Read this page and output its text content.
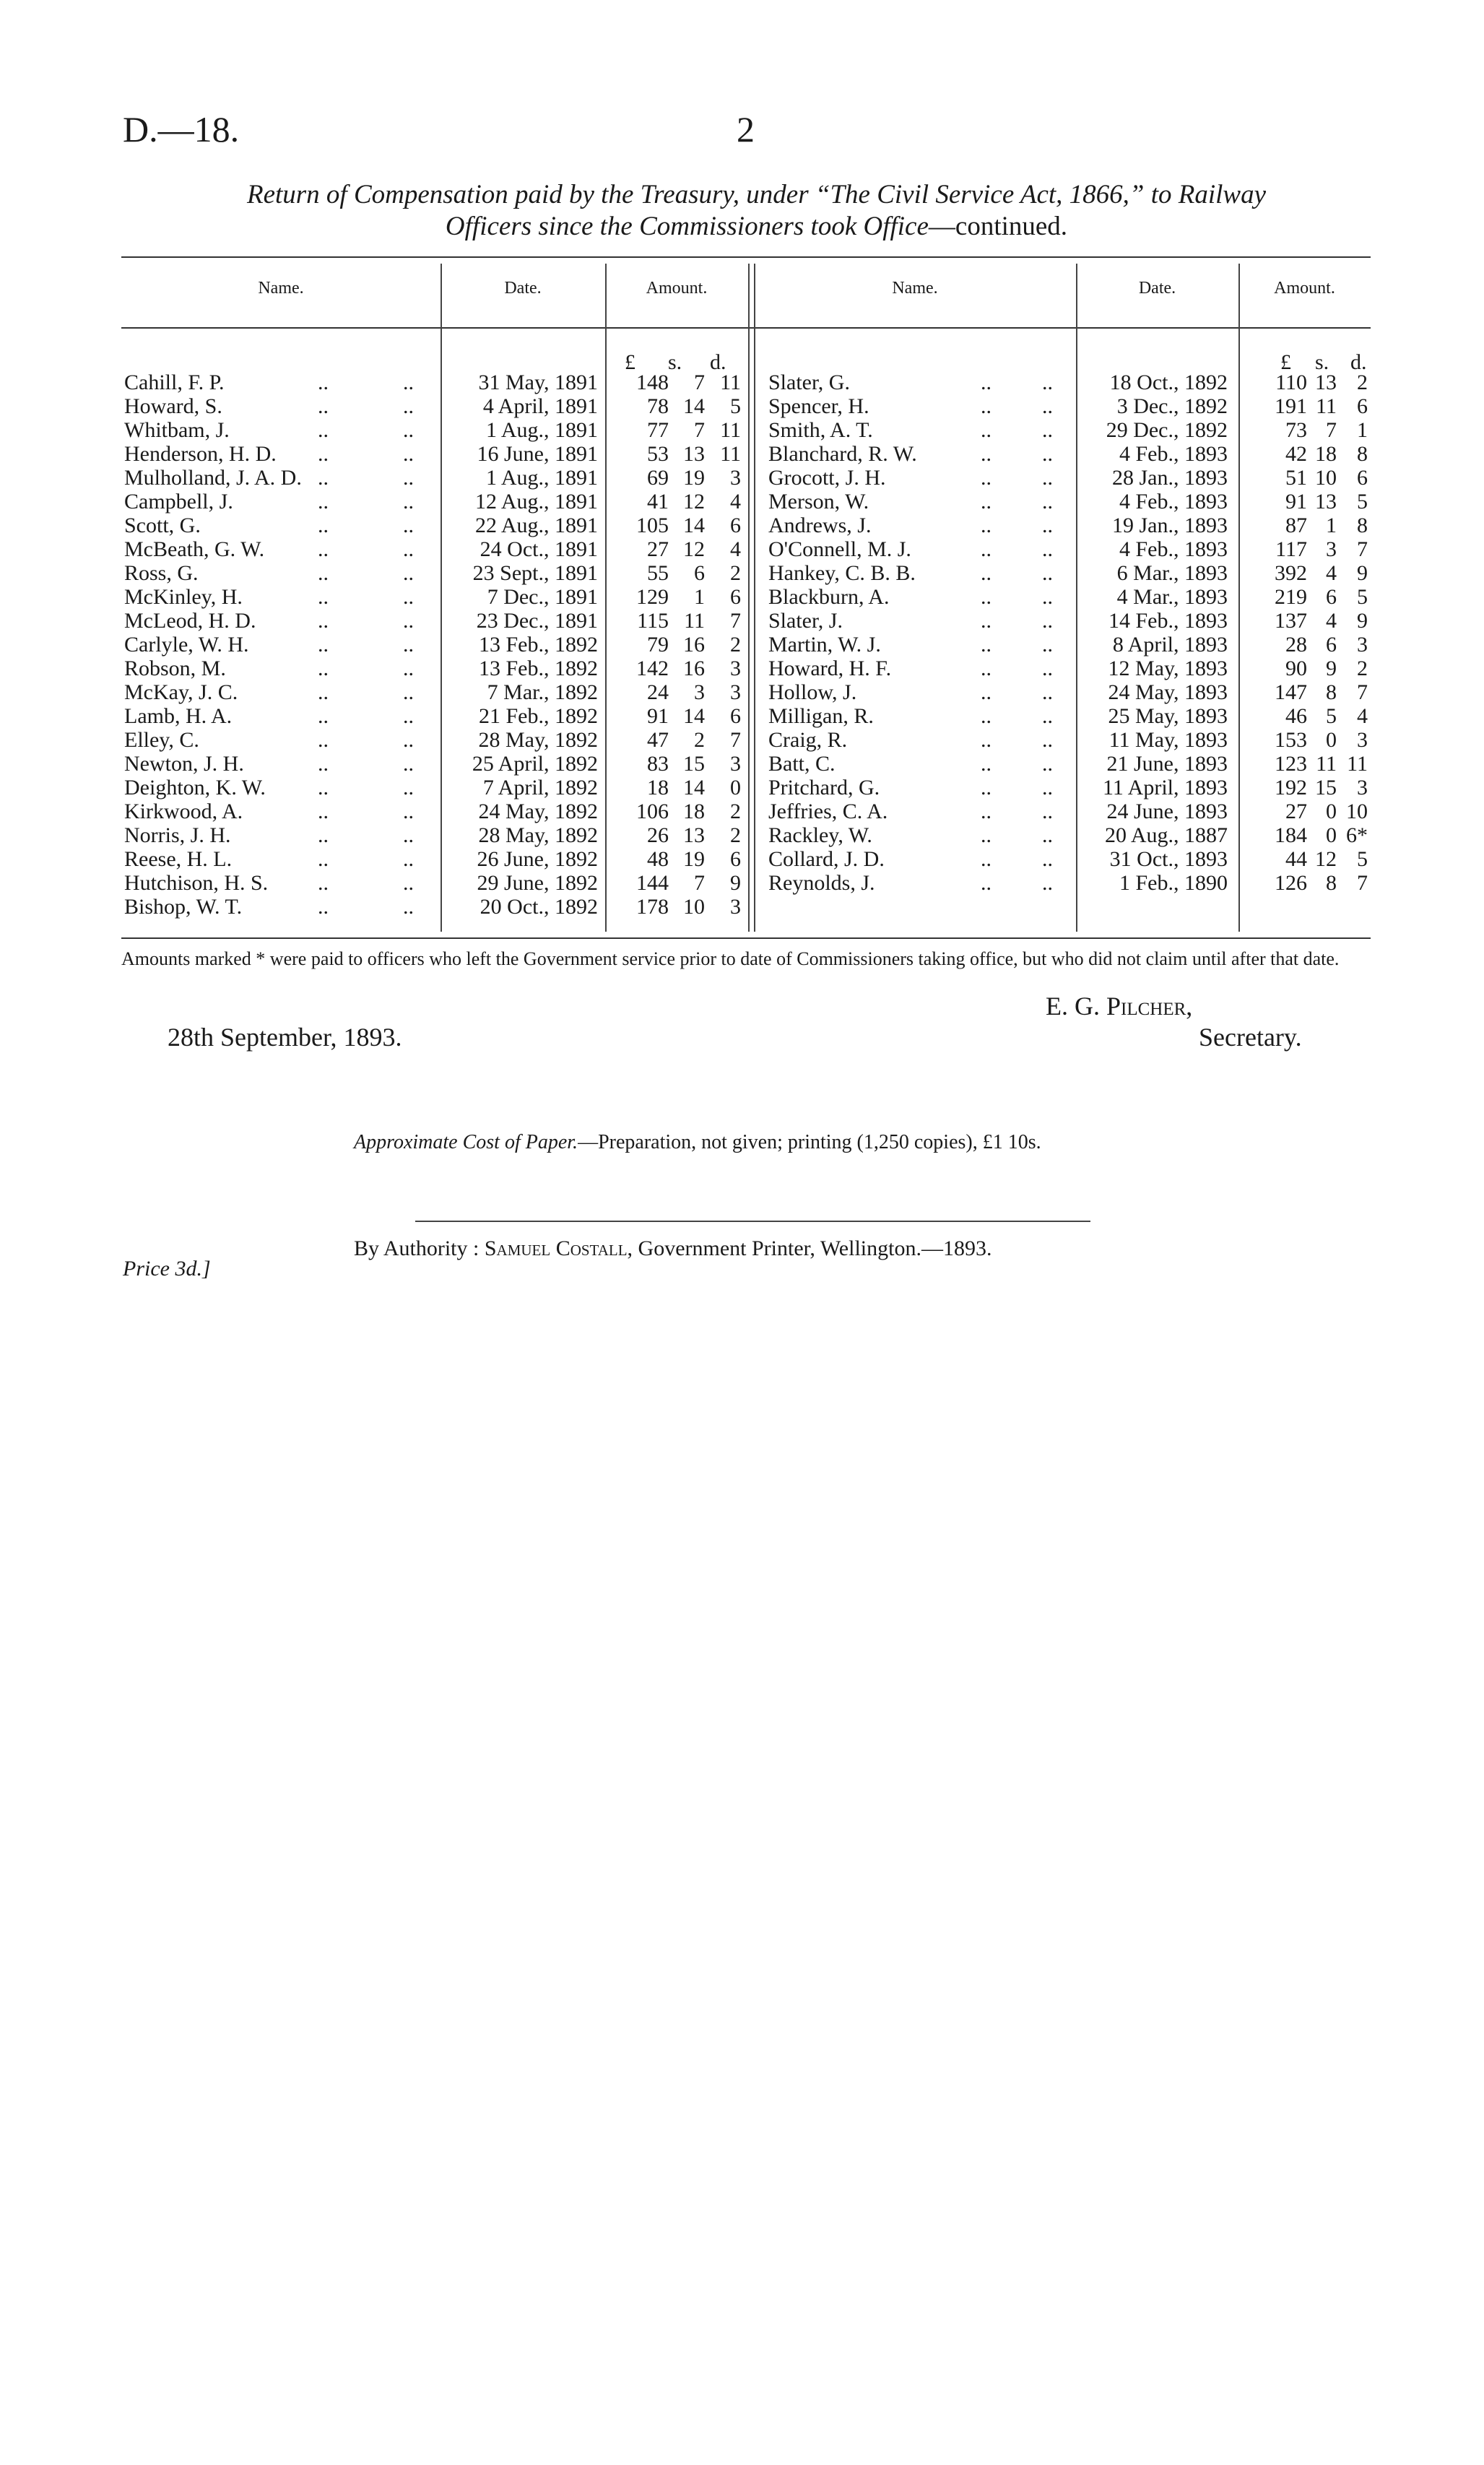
D.—18.	2
Return of Compensation paid by the Treasury, under “The Civil Service Act, 1866,” to Railway
Officers since the Commissioners took Office—continued.
Name.	Date.	Amount.	Name.	Date.	Amount.
£ s. d.	£ s. d.
Cahill, F. P.	..	..	31 May, 1891 148 7 11
Howard, S.	..	..	4 April, 1891 78 14 5
Whitbam, J.	..	..	1 Aug., 1891 77 7 11
Henderson, H. D. ..	..	16 June, 1891 53 13 11
Mulholland, J. A. D. ..	..	1 Aug., 1891 69 19 3
Campbell, J.	..	..	12 Aug., 1891 41 12 4
Scott, G.	..	..	22 Aug., 1891 105 14 6
McBeath, G. W. ..	..	24 Oct., 1891 27 12 4
Ross, G.	..	..	23 Sept., 1891 55 6 2
McKinley, H.	..	..	7 Dec., 1891 129 1 6
McLeod, H. D.	..	..	23 Dec., 1891 115 11 7
Carlyle, W. H.	..	..	13 Feb., 1892 79 16 2
Robson, M.	..	..	13 Feb., 1892 142 16 3
McKay, J. C.	..	..	7 Mar., 1892 24 3 3
Lamb, H. A.	..	..	21 Feb., 1892 91 14 6
Elley, C.	..	..	28 May, 1892 47 2 7
Newton, J. H.	..	..	25 April, 1892 83 15 3
Deighton, K. W. ..	..	7 April, 1892 18 14 0
Kirkwood, A.	..	..	24 May, 1892 106 18 2
Norris, J. H.	..	..	28 May, 1892 26 13 2
Reese, H. L.	..	..	26 June, 1892 48 19 6
Hutchison, H. S. ..	..	29 June, 1892 144 7 9
Bishop, W. T.	..	..	20 Oct., 1892 178 10 3
Slater, G.	.. ..	18 Oct., 1892 110 13 2
Spencer, H.	.. ..	3 Dec., 1892 191 11 6
Smith, A. T.	.. .. 29 Dec., 1892	73 7 1
Blanchard, R. W.	.. ..	4 Feb., 1893	42 18 8
Grocott, J. H.	.. ..	28 Jan., 1893	51 10 6
Merson, W.	.. ..	4 Feb., 1893	91 13 5
Andrews, J.	.. ..	19 Jan., 1893	87 1 8
O'Connell, M. J.	.. ..	4 Feb., 1893 117 3 7
Hankey, C. B. B.	.. ..	6 Mar., 1893 392 4 9
Blackburn, A.	.. ..	4 Mar., 1893 219 6 5
Slater, J.	.. ..	14 Feb., 1893 137 4 9
Martin, W. J.	.. ..	8 April, 1893	28 6 3
Howard, H. F.	.. ..	12 May, 1893	90 9 2
Hollow, J.	.. ..	24 May, 1893 147 8 7
Milligan, R.	.. ..	25 May, 1893	46 5 4
Craig, R.	.. ..	11 May, 1893 153 0 3
Batt, C.	.. .. 21 June, 1893 123 11 11
Pritchard, G.	.. .. 11 April, 1893 192 15 3
Jeffries, C. A.	.. .. 24 June, 1893	27 0 10
Rackley, W.	.. .. 20 Aug., 1887 184 0 6*
Collard, J. D.	.. ..	31 Oct., 1893	44 12 5
Reynolds, J.	.. ..	1 Feb., 1890 126 8 7
Amounts marked * were paid to officers who left the Government service prior to date of Commissioners taking office, but who did not claim until after that date.
E. G. Pilcher,
Secretary.
28th September, 1893.
Approximate Cost of Paper.—Preparation, not given; printing (1,250 copies), £1 10s.
By Authority : Samuel Costall, Government Printer, Wellington.—1893.
Price 3d.]
